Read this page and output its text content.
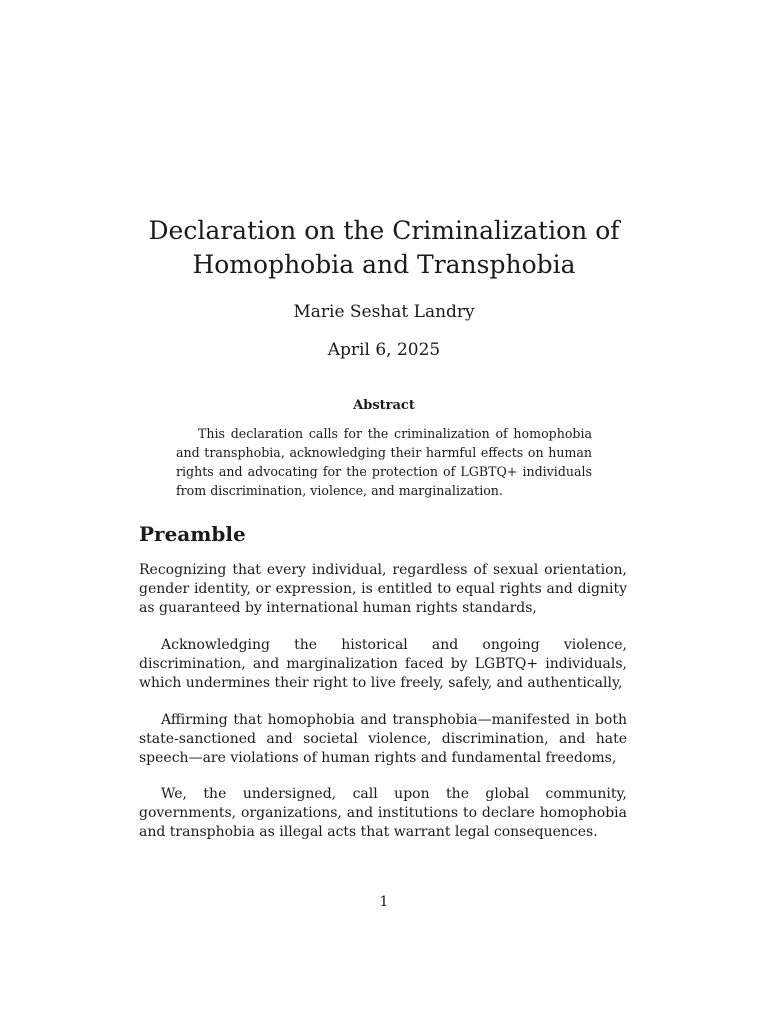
Declaration on the Criminalization of
Homophobia and Transphobia

Marie Seshat Landry

April 6, 2025

Abstract

This declaration calls for the criminalization of homophobia and transphobia, acknowledging their harmful effects on human rights and advocating for the protection of LGBTQ+ individuals from discrimination, violence, and marginalization.

Preamble

Recognizing that every individual, regardless of sexual orientation, gender identity, or expression, is entitled to equal rights and dignity as guaranteed by international human rights standards,

Acknowledging the historical and ongoing violence, discrimination, and marginalization faced by LGBTQ+ individuals, which undermines their right to live freely, safely, and authentically,

Affirming that homophobia and transphobia—manifested in both state-sanctioned and societal violence, discrimination, and hate speech—are violations of human rights and fundamental freedoms,

We, the undersigned, call upon the global community, governments, organizations, and institutions to declare homophobia and transphobia as illegal acts that warrant legal consequences.

1
